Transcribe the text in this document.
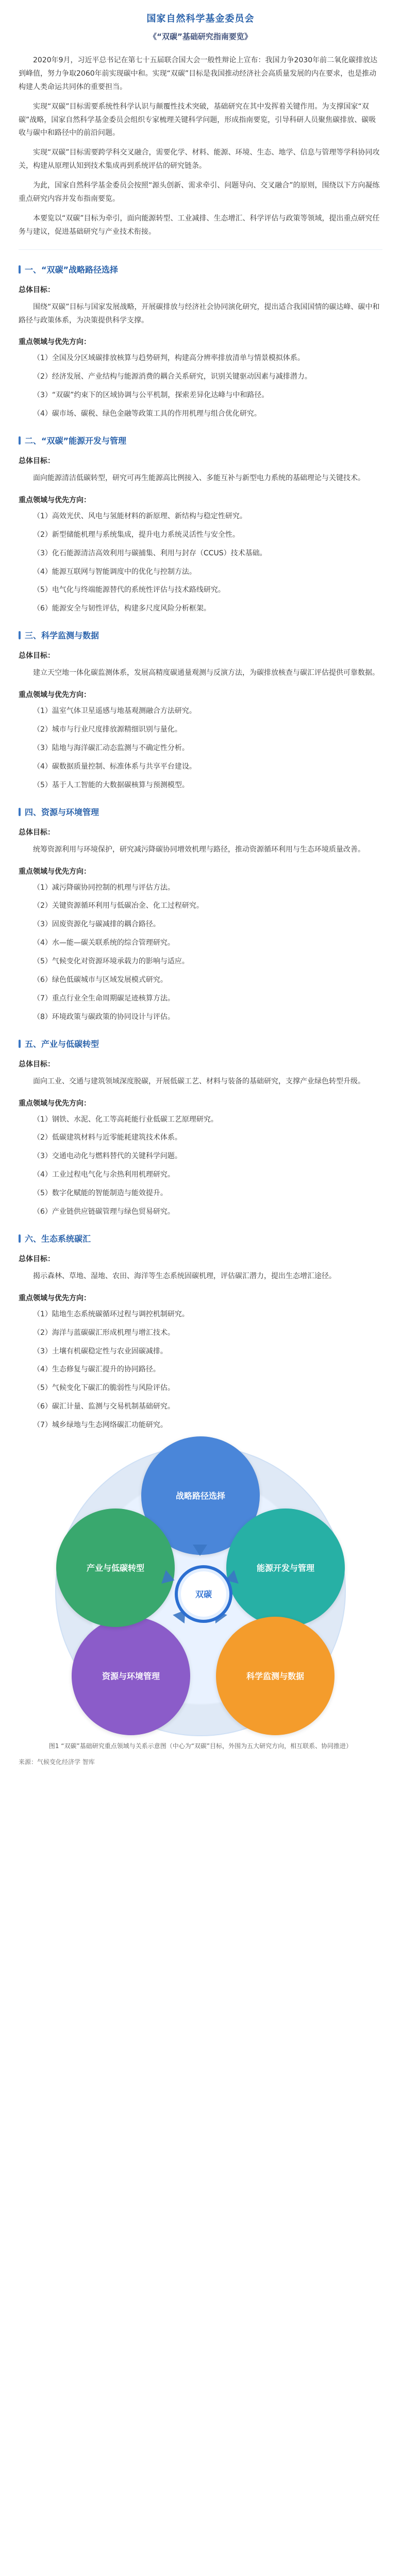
国家自然科学基金委员会
《“双碳”基础研究指南要览》
2020年9月，习近平总书记在第七十五届联合国大会一般性辩论上宣布：我国力争2030年前二氧化碳排放达到峰值，努力争取2060年前实现碳中和。实现“双碳”目标是我国推动经济社会高质量发展的内在要求，也是推动构建人类命运共同体的重要担当。
实现“双碳”目标需要系统性科学认识与颠覆性技术突破，基础研究在其中发挥着关键作用。为支撑国家“双碳”战略，国家自然科学基金委员会组织专家梳理关键科学问题，形成指南要览，引导科研人员聚焦碳排放、碳吸收与碳中和路径中的前沿问题。
实现“双碳”目标需要跨学科交叉融合，需要化学、材料、能源、环境、生态、地学、信息与管理等学科协同攻关，构建从原理认知到技术集成再到系统评估的研究链条。
为此，国家自然科学基金委员会按照“源头创新、需求牵引、问题导向、交叉融合”的原则，围绕以下方向凝练重点研究内容并发布指南要览。
本要览以“双碳”目标为牵引，面向能源转型、工业减排、生态增汇、科学评估与政策等领域，提出重点研究任务与建议，促进基础研究与产业技术衔接。
一、“双碳”战略路径选择
总体目标：
围绕“双碳”目标与国家发展战略，开展碳排放与经济社会协同演化研究，提出适合我国国情的碳达峰、碳中和路径与政策体系，为决策提供科学支撑。
重点领域与优先方向：
（1）全国及分区域碳排放核算与趋势研判，构建高分辨率排放清单与情景模拟体系。
（2）经济发展、产业结构与能源消费的耦合关系研究，识别关键驱动因素与减排潜力。
（3）“双碳”约束下的区域协调与公平机制，探索差异化达峰与中和路径。
（4）碳市场、碳税、绿色金融等政策工具的作用机理与组合优化研究。
二、“双碳”能源开发与管理
总体目标：
面向能源清洁低碳转型，研究可再生能源高比例接入、多能互补与新型电力系统的基础理论与关键技术。
重点领域与优先方向：
（1）高效光伏、风电与氢能材料的新原理、新结构与稳定性研究。
（2）新型储能机理与系统集成，提升电力系统灵活性与安全性。
（3）化石能源清洁高效利用与碳捕集、利用与封存（CCUS）技术基础。
（4）能源互联网与智能调度中的优化与控制方法。
（5）电气化与终端能源替代的系统性评估与技术路线研究。
（6）能源安全与韧性评估，构建多尺度风险分析框架。
三、科学监测与数据
总体目标：
建立天空地一体化碳监测体系，发展高精度碳通量观测与反演方法，为碳排放核查与碳汇评估提供可靠数据。
重点领域与优先方向：
（1）温室气体卫星遥感与地基观测融合方法研究。
（2）城市与行业尺度排放源精细识别与量化。
（3）陆地与海洋碳汇动态监测与不确定性分析。
（4）碳数据质量控制、标准体系与共享平台建设。
（5）基于人工智能的大数据碳核算与预测模型。
四、资源与环境管理
总体目标：
统筹资源利用与环境保护，研究减污降碳协同增效机理与路径，推动资源循环利用与生态环境质量改善。
重点领域与优先方向：
（1）减污降碳协同控制的机理与评估方法。
（2）关键资源循环利用与低碳冶金、化工过程研究。
（3）固废资源化与碳减排的耦合路径。
（4）水—能—碳关联系统的综合管理研究。
（5）气候变化对资源环境承载力的影响与适应。
（6）绿色低碳城市与区域发展模式研究。
（7）重点行业全生命周期碳足迹核算方法。
（8）环境政策与碳政策的协同设计与评估。
五、产业与低碳转型
总体目标：
面向工业、交通与建筑领域深度脱碳，开展低碳工艺、材料与装备的基础研究，支撑产业绿色转型升级。
重点领域与优先方向：
（1）钢铁、水泥、化工等高耗能行业低碳工艺原理研究。
（2）低碳建筑材料与近零能耗建筑技术体系。
（3）交通电动化与燃料替代的关键科学问题。
（4）工业过程电气化与余热利用机理研究。
（5）数字化赋能的智能制造与能效提升。
（6）产业链供应链碳管理与绿色贸易研究。
六、生态系统碳汇
总体目标：
揭示森林、草地、湿地、农田、海洋等生态系统固碳机理，评估碳汇潜力，提出生态增汇途径。
重点领域与优先方向：
（1）陆地生态系统碳循环过程与调控机制研究。
（2）海洋与蓝碳碳汇形成机理与增汇技术。
（3）土壤有机碳稳定性与农业固碳减排。
（4）生态修复与碳汇提升的协同路径。
（5）气候变化下碳汇的脆弱性与风险评估。
（6）碳汇计量、监测与交易机制基础研究。
（7）城乡绿地与生态网络碳汇功能研究。
战略路径选择
能源开发与管理
科学监测与数据
资源与环境管理
产业与低碳转型
双碳
图1 “双碳”基础研究重点领域与关系示意图（中心为“双碳”目标，外围为五大研究方向，相互联系、协同推进）
来源：气候变化经济学 智库
